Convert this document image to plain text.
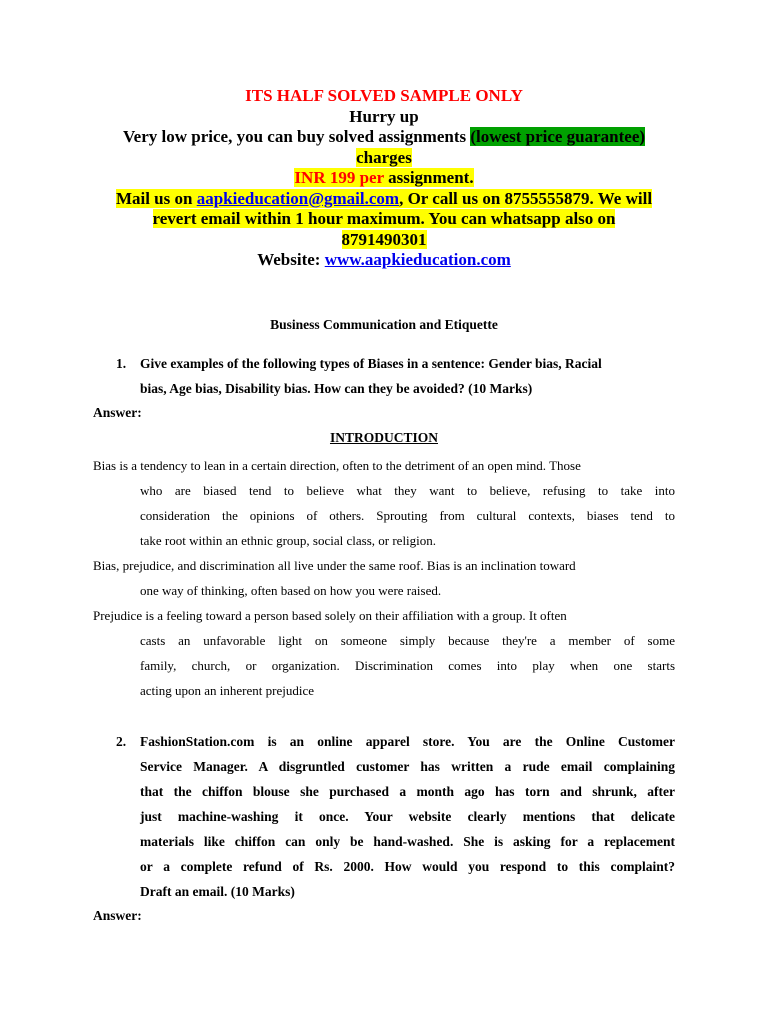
ITS HALF SOLVED SAMPLE ONLY
Hurry up
Very low price, you can buy solved assignments (lowest price guarantee)
charges
INR 199 per assignment.
Mail us on aapkieducation@gmail.com, Or call us on 8755555879. We will
revert email within 1 hour maximum. You can whatsapp also on
8791490301
Website: www.aapkieducation.com
Business Communication and Etiquette
1. Give examples of the following types of Biases in a sentence: Gender bias, Racial
bias, Age bias, Disability bias. How can they be avoided? (10 Marks)
Answer:
INTRODUCTION
Bias is a tendency to lean in a certain direction, often to the detriment of an open mind. Those
who are biased tend to believe what they want to believe, refusing to take into
consideration the opinions of others. Sprouting from cultural contexts, biases tend to
take root within an ethnic group, social class, or religion.
Bias, prejudice, and discrimination all live under the same roof. Bias is an inclination toward
one way of thinking, often based on how you were raised.
Prejudice is a feeling toward a person based solely on their affiliation with a group. It often
casts an unfavorable light on someone simply because they're a member of some
family, church, or organization. Discrimination comes into play when one starts
acting upon an inherent prejudice
2. FashionStation.com is an online apparel store. You are the Online Customer
Service Manager. A disgruntled customer has written a rude email complaining
that the chiffon blouse she purchased a month ago has torn and shrunk, after
just machine-washing it once. Your website clearly mentions that delicate
materials like chiffon can only be hand-washed. She is asking for a replacement
or a complete refund of Rs. 2000. How would you respond to this complaint?
Draft an email. (10 Marks)
Answer:
